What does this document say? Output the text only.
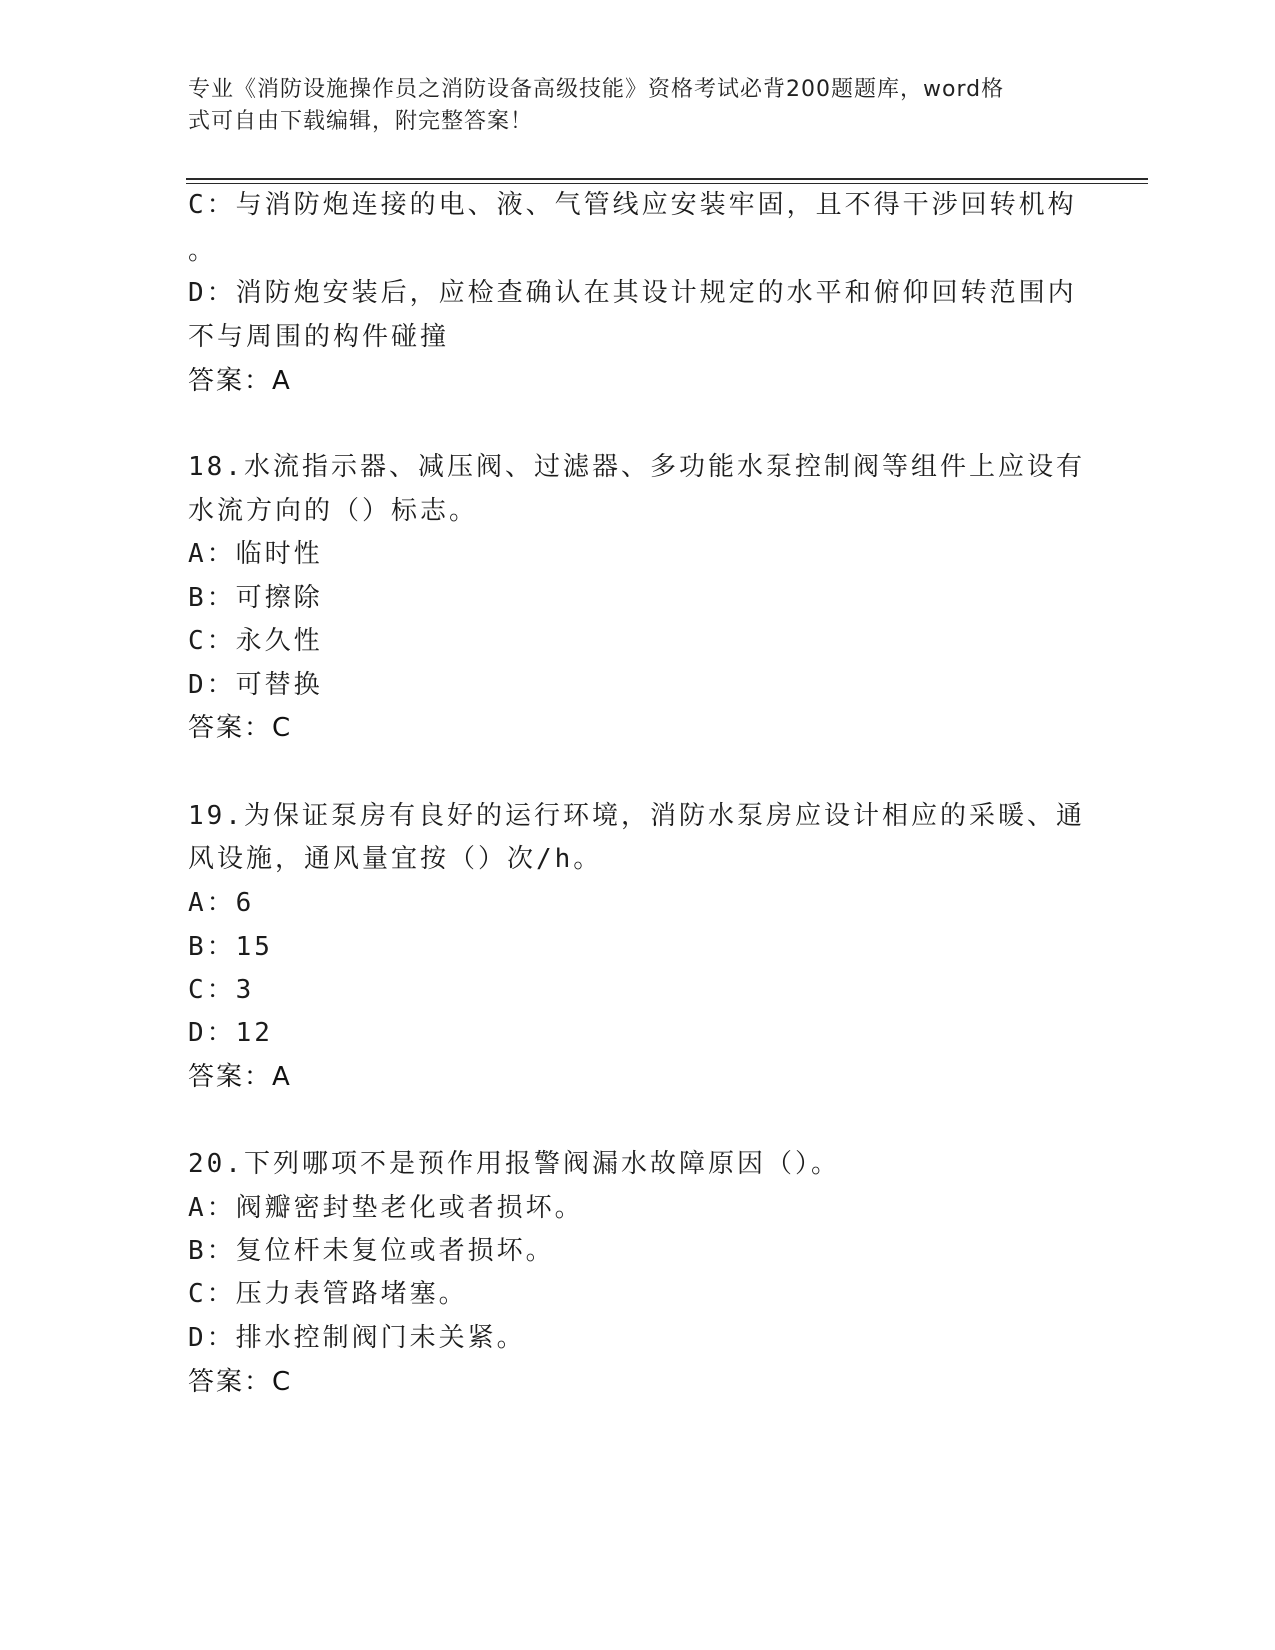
专业《消防设施操作员之消防设备高级技能》资格考试必背200题题库，word格
式可自由下载编辑，附完整答案！
C：与消防炮连接的电、液、气管线应安装牢固，且不得干涉回转机构
。
D：消防炮安装后，应检查确认在其设计规定的水平和俯仰回转范围内
不与周围的构件碰撞
答案：A
18.水流指示器、减压阀、过滤器、多功能水泵控制阀等组件上应设有
水流方向的（）标志。
A：临时性
B：可擦除
C：永久性
D：可替换
答案：C
19.为保证泵房有良好的运行环境，消防水泵房应设计相应的采暖、通
风设施，通风量宜按（）次/h。
A：6
B：15
C：3
D：12
答案：A
20.下列哪项不是预作用报警阀漏水故障原因（）。
A：阀瓣密封垫老化或者损坏。
B：复位杆未复位或者损坏。
C：压力表管路堵塞。
D：排水控制阀门未关紧。
答案：C
